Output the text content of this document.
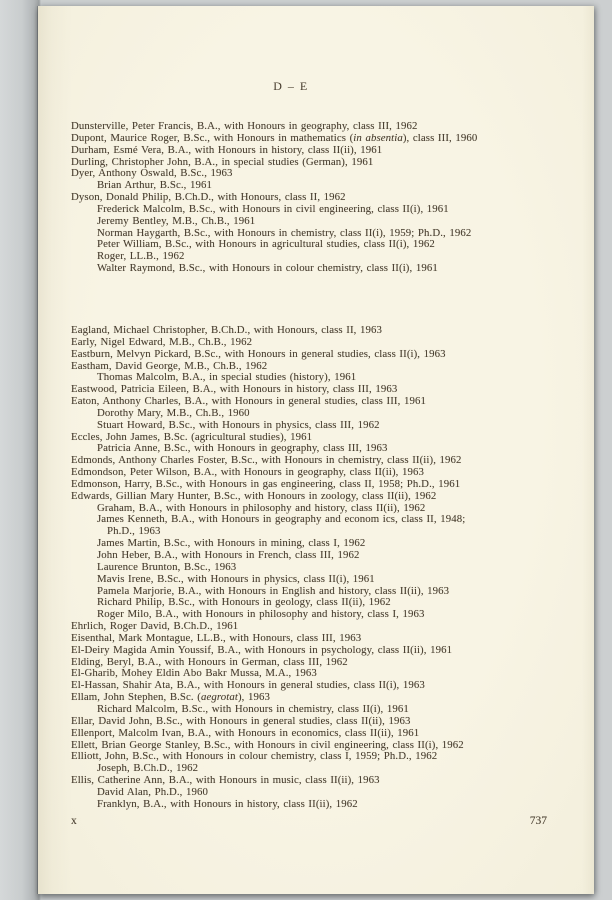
D – E
Dunsterville, Peter Francis, B.A., with Honours in geography, class III, 1962
Dupont, Maurice Roger, B.Sc., with Honours in mathematics (in absentia), class III, 1960
Durham, Esmé Vera, B.A., with Honours in history, class II(ii), 1961
Durling, Christopher John, B.A., in special studies (German), 1961
Dyer, Anthony Oswald, B.Sc., 1963
Brian Arthur, B.Sc., 1961
Dyson, Donald Philip, B.Ch.D., with Honours, class II, 1962
Frederick Malcolm, B.Sc., with Honours in civil engineering, class II(i), 1961
Jeremy Bentley, M.B., Ch.B., 1961
Norman Haygarth, B.Sc., with Honours in chemistry, class II(i), 1959; Ph.D., 1962
Peter William, B.Sc., with Honours in agricultural studies, class II(i), 1962
Roger, LL.B., 1962
Walter Raymond, B.Sc., with Honours in colour chemistry, class II(i), 1961
Eagland, Michael Christopher, B.Ch.D., with Honours, class II, 1963
Early, Nigel Edward, M.B., Ch.B., 1962
Eastburn, Melvyn Pickard, B.Sc., with Honours in general studies, class II(i), 1963
Eastham, David George, M.B., Ch.B., 1962
Thomas Malcolm, B.A., in special studies (history), 1961
Eastwood, Patricia Eileen, B.A., with Honours in history, class III, 1963
Eaton, Anthony Charles, B.A., with Honours in general studies, class III, 1961
Dorothy Mary, M.B., Ch.B., 1960
Stuart Howard, B.Sc., with Honours in physics, class III, 1962
Eccles, John James, B.Sc. (agricultural studies), 1961
Patricia Anne, B.Sc., with Honours in geography, class III, 1963
Edmonds, Anthony Charles Foster, B.Sc., with Honours in chemistry, class II(ii), 1962
Edmondson, Peter Wilson, B.A., with Honours in geography, class II(ii), 1963
Edmonson, Harry, B.Sc., with Honours in gas engineering, class II, 1958; Ph.D., 1961
Edwards, Gillian Mary Hunter, B.Sc., with Honours in zoology, class II(ii), 1962
Graham, B.A., with Honours in philosophy and history, class II(ii), 1962
James Kenneth, B.A., with Honours in geography and econom ics, class II, 1948;
Ph.D., 1963
James Martin, B.Sc., with Honours in mining, class I, 1962
John Heber, B.A., with Honours in French, class III, 1962
Laurence Brunton, B.Sc., 1963
Mavis Irene, B.Sc., with Honours in physics, class II(i), 1961
Pamela Marjorie, B.A., with Honours in English and history, class II(ii), 1963
Richard Philip, B.Sc., with Honours in geology, class II(ii), 1962
Roger Milo, B.A., with Honours in philosophy and history, class I, 1963
Ehrlich, Roger David, B.Ch.D., 1961
Eisenthal, Mark Montague, LL.B., with Honours, class III, 1963
El-Deiry Magida Amin Youssif, B.A., with Honours in psychology, class II(ii), 1961
Elding, Beryl, B.A., with Honours in German, class III, 1962
El-Gharib, Mohey Eldin Abo Bakr Mussa, M.A., 1963
El-Hassan, Shahir Ata, B.A., with Honours in general studies, class II(i), 1963
Ellam, John Stephen, B.Sc. (aegrotat), 1963
Richard Malcolm, B.Sc., with Honours in chemistry, class II(i), 1961
Ellar, David John, B.Sc., with Honours in general studies, class II(ii), 1963
Ellenport, Malcolm Ivan, B.A., with Honours in economics, class II(ii), 1961
Ellett, Brian George Stanley, B.Sc., with Honours in civil engineering, class II(i), 1962
Elliott, John, B.Sc., with Honours in colour chemistry, class I, 1959; Ph.D., 1962
Joseph, B.Ch.D., 1962
Ellis, Catherine Ann, B.A., with Honours in music, class II(ii), 1963
David Alan, Ph.D., 1960
Franklyn, B.A., with Honours in history, class II(ii), 1962
x	737
